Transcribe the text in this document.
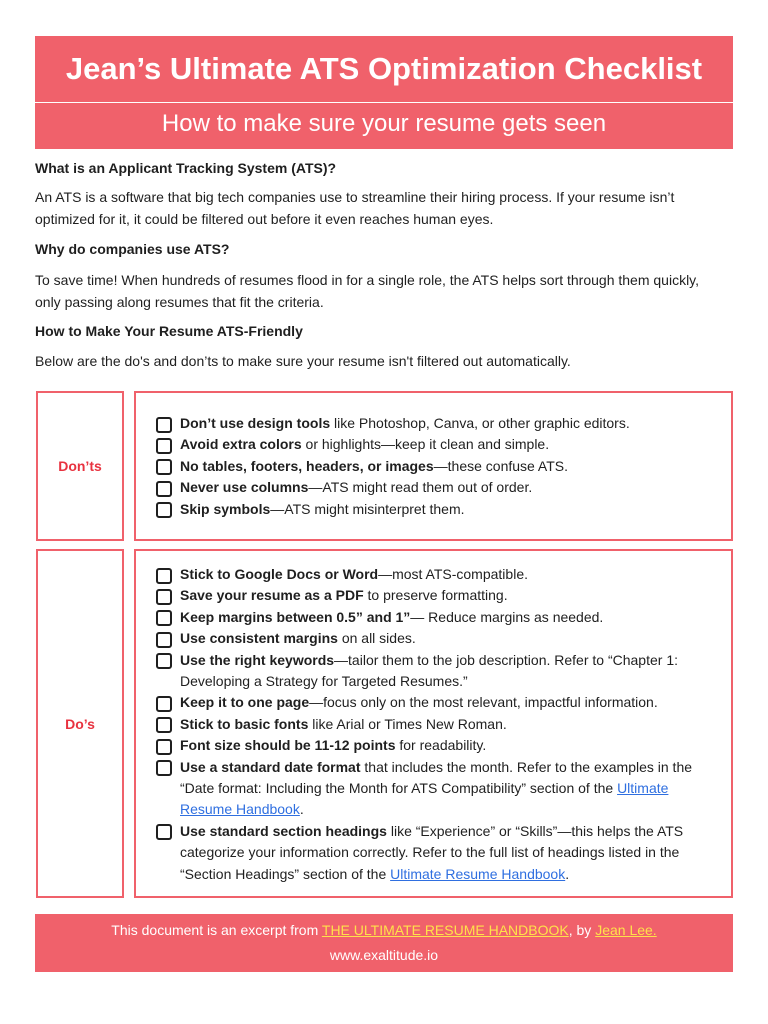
Jean’s Ultimate ATS Optimization Checklist
How to make sure your resume gets seen

What is an Applicant Tracking System (ATS)?

An ATS is a software that big tech companies use to streamline their hiring process. If your resume isn’t
optimized for it, it could be filtered out before it even reaches human eyes.

Why do companies use ATS?

To save time! When hundreds of resumes flood in for a single role, the ATS helps sort through them quickly,
only passing along resumes that fit the criteria.

How to Make Your Resume ATS-Friendly

Below are the do's and don’ts to make sure your resume isn't filtered out automatically.

Don’ts
Don’t use design tools like Photoshop, Canva, or other graphic editors.
Avoid extra colors or highlights—keep it clean and simple.
No tables, footers, headers, or images—these confuse ATS.
Never use columns—ATS might read them out of order.
Skip symbols—ATS might misinterpret them.
Do’s
Stick to Google Docs or Word—most ATS-compatible.
Save your resume as a PDF to preserve formatting.
Keep margins between 0.5” and 1”— Reduce margins as needed.
Use consistent margins on all sides.
Use the right keywords—tailor them to the job description. Refer to “Chapter 1: Developing a Strategy for Targeted Resumes.”
Keep it to one page—focus only on the most relevant, impactful information.
Stick to basic fonts like Arial or Times New Roman.
Font size should be 11-12 points for readability.
Use a standard date format that includes the month. Refer to the examples in the “Date format: Including the Month for ATS Compatibility” section of the Ultimate Resume Handbook.
Use standard section headings like “Experience” or “Skills”—this helps the ATS categorize your information correctly. Refer to the full list of headings listed in the “Section Headings” section of the Ultimate Resume Handbook.
This document is an excerpt from THE ULTIMATE RESUME HANDBOOK, by Jean Lee.
www.exaltitude.io
